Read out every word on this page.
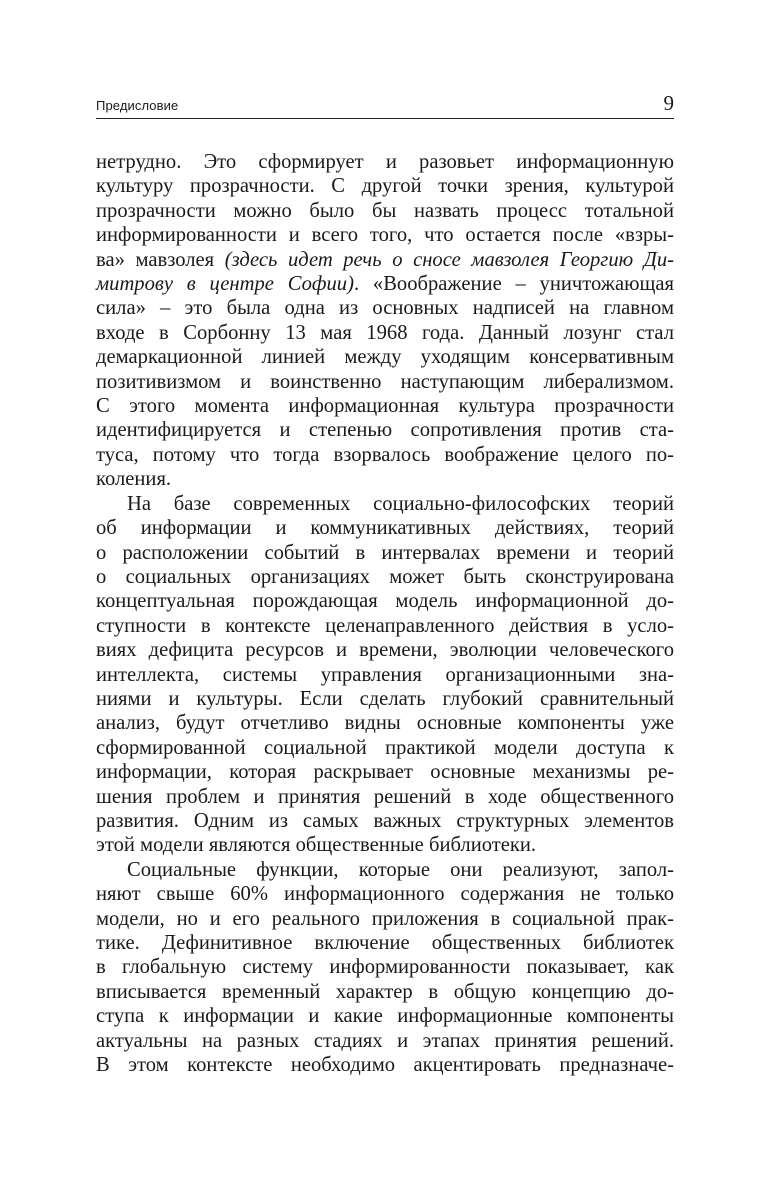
Предисловие	9

нетрудно. Это сформирует и разовьет информационную

культуру прозрачности. С другой точки зрения, культурой

прозрачности можно было бы назвать процесс тотальной

информированности и всего того, что остается после «взры-

ва» мавзолея (здесь идет речь о сносе мавзолея Георгию Ди-

митрову в центре Софии). «Воображение – уничтожающая

сила» – это была одна из основных надписей на главном

входе в Сорбонну 13 мая 1968 года. Данный лозунг стал

демаркационной линией между уходящим консервативным

позитивизмом и воинственно наступающим либерализмом.

С этого момента информационная культура прозрачности

идентифицируется и степенью сопротивления против ста-

туса, потому что тогда взорвалось воображение целого по-

коления.

На базе современных социально-философских теорий

об информации и коммуникативных действиях, теорий

о расположении событий в интервалах времени и теорий

о социальных организациях может быть сконструирована

концептуальная порождающая модель информационной до-

ступности в контексте целенаправленного действия в усло-

виях дефицита ресурсов и времени, эволюции человеческого

интеллекта, системы управления организационными зна-

ниями и культуры. Если сделать глубокий сравнительный

анализ, будут отчетливо видны основные компоненты уже

сформированной социальной практикой модели доступа к

информации, которая раскрывает основные механизмы ре-

шения проблем и принятия решений в ходе общественного

развития. Одним из самых важных структурных элементов

этой модели являются общественные библиотеки.

Социальные функции, которые они реализуют, запол-

няют свыше 60% информационного содержания не только

модели, но и его реального приложения в социальной прак-

тике. Дефинитивное включение общественных библиотек

в глобальную систему информированности показывает, как

вписывается временный характер в общую концепцию до-

ступа к информации и какие информационные компоненты

актуальны на разных стадиях и этапах принятия решений.

В этом контексте необходимо акцентировать предназначе-
